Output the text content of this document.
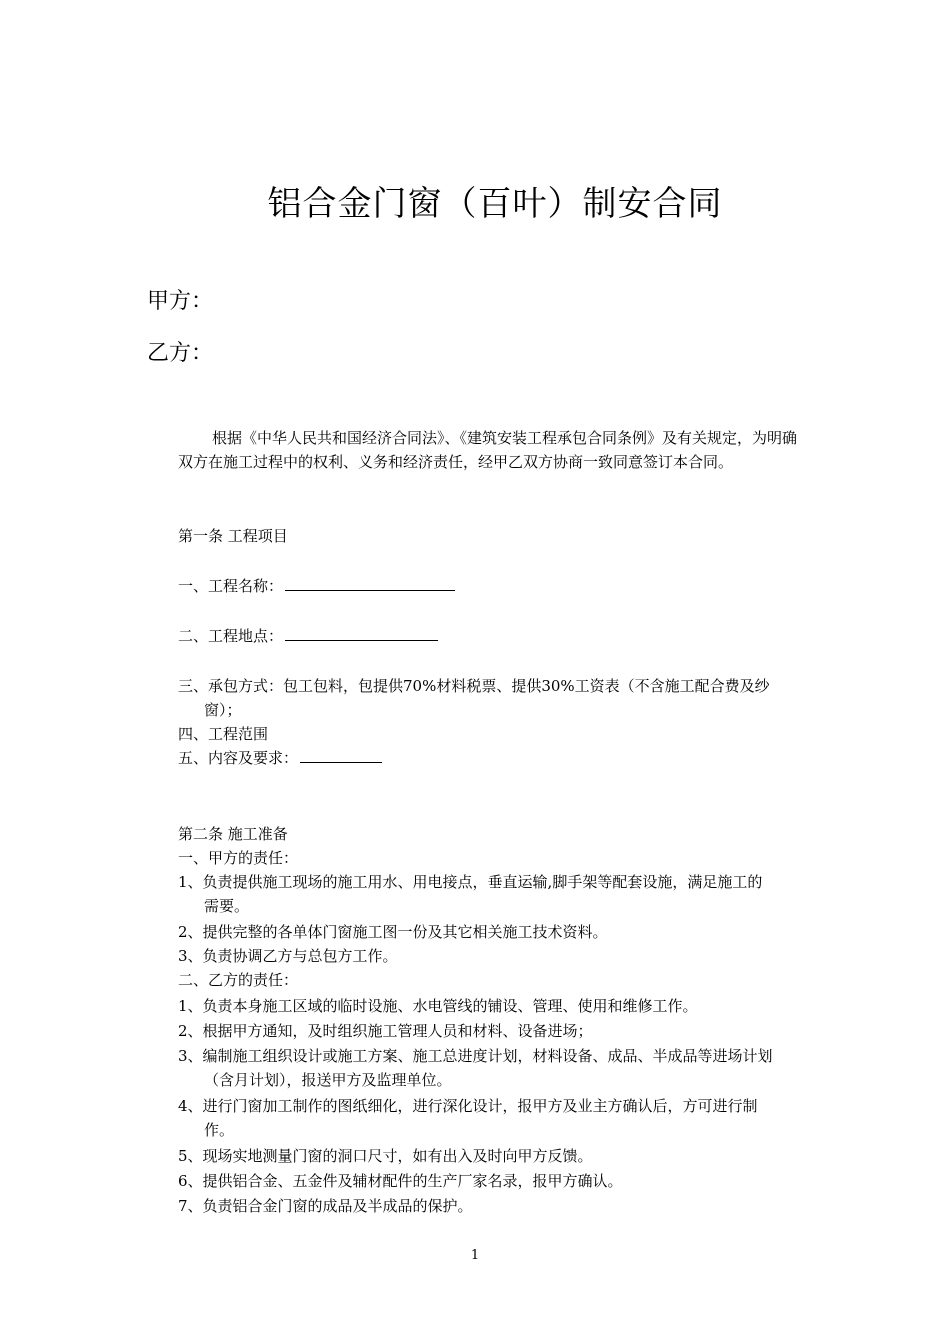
铝合金门窗（百叶）制安合同
甲方：
乙方：
根据《中华人民共和国经济合同法》、《建筑安装工程承包合同条例》及有关规定，为明确双方在施工过程中的权利、义务和经济责任，经甲乙双方协商一致同意签订本合同。
第一条 工程项目
一、工程名称：
二、工程地点：
三、承包方式：包工包料，包提供70%材料税票、提供30%工资表（不含施工配合费及纱
窗）；
四、工程范围
五、内容及要求：
第二条 施工准备
一、甲方的责任：
1、负责提供施工现场的施工用水、用电接点，垂直运输,脚手架等配套设施，满足施工的
需要。
2、提供完整的各单体门窗施工图一份及其它相关施工技术资料。
3、负责协调乙方与总包方工作。
二、乙方的责任：
1、负责本身施工区域的临时设施、水电管线的铺设、管理、使用和维修工作。
2、根据甲方通知，及时组织施工管理人员和材料、设备进场；
3、编制施工组织设计或施工方案、施工总进度计划，材料设备、成品、半成品等进场计划
（含月计划），报送甲方及监理单位。
4、进行门窗加工制作的图纸细化，进行深化设计，报甲方及业主方确认后，方可进行制
作。
5、现场实地测量门窗的洞口尺寸，如有出入及时向甲方反馈。
6、提供铝合金、五金件及辅材配件的生产厂家名录，报甲方确认。
7、负责铝合金门窗的成品及半成品的保护。
1
